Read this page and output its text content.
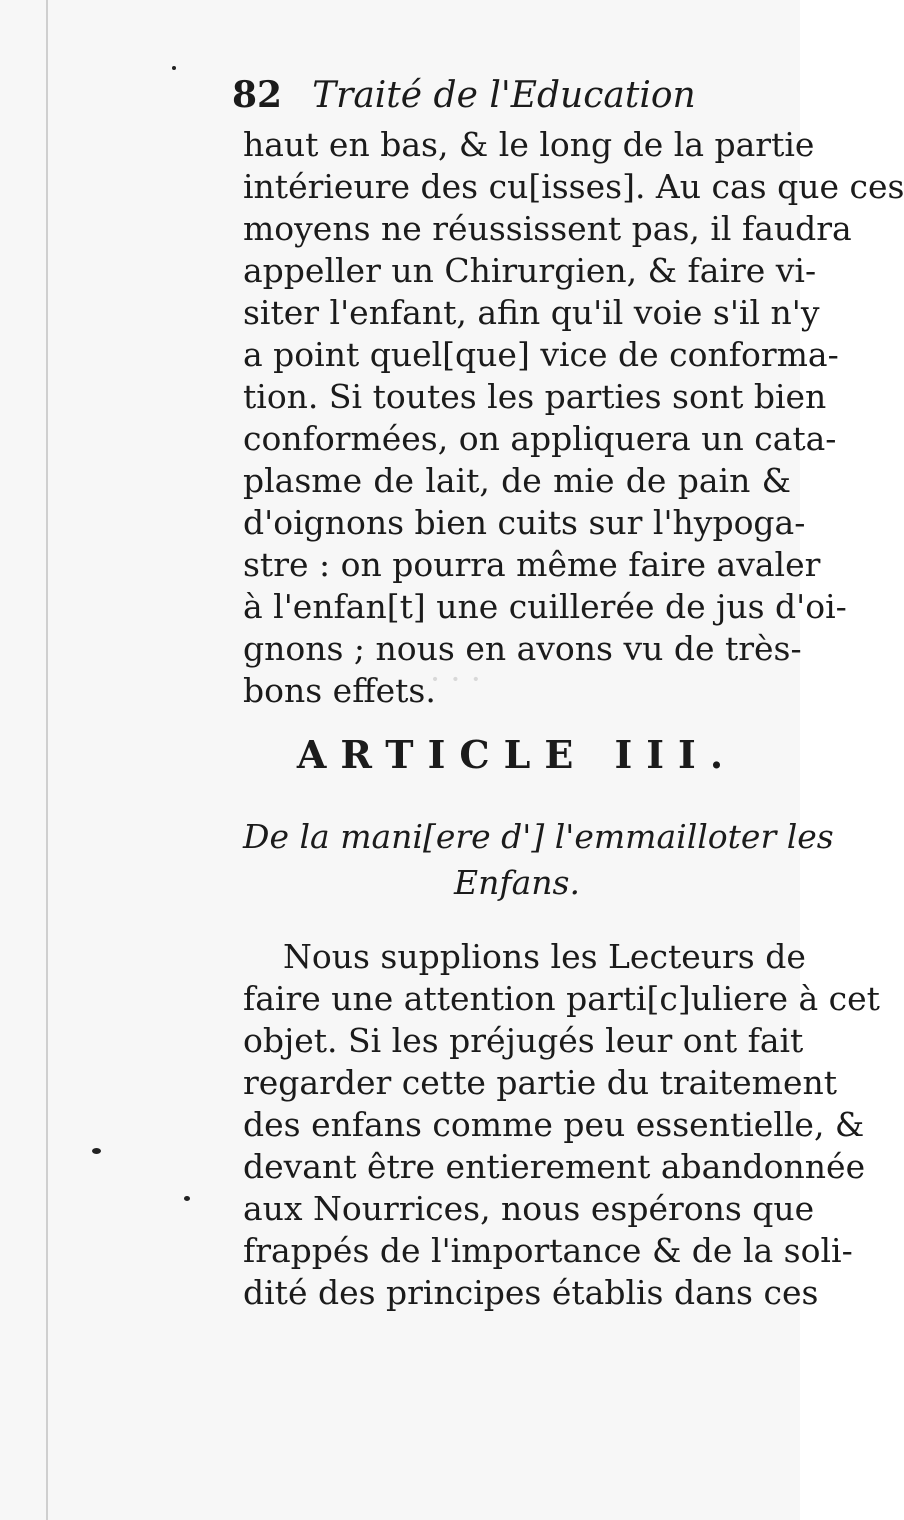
· · ·
82 Traité de l'Education
haut en bas, & le long de la partie
intérieure des cu[isses]. Au cas que ces
moyens ne réussissent pas, il faudra
appeller un Chirurgien, & faire vi-
siter l'enfant, afin qu'il voie s'il n'y
a point quel[que] vice de conforma-
tion. Si toutes les parties sont bien
conformées, on appliquera un cata-
plasme de lait, de mie de pain &
d'oignons bien cuits sur l'hypoga-
stre : on pourra même faire avaler
à l'enfan[t] une cuillerée de jus d'oi-
gnons ; nous en avons vu de très-
bons effets.
ARTICLE III.
De la mani[ere d'] l'emmailloter les
Enfans.
Nous supplions les Lecteurs de
faire une attention parti[c]uliere à cet
objet. Si les préjugés leur ont fait
regarder cette partie du traitement
des enfans comme peu essentielle, &
devant être entierement abandonnée
aux Nourrices, nous espérons que
frappés de l'importance & de la soli-
dité des principes établis dans ces
